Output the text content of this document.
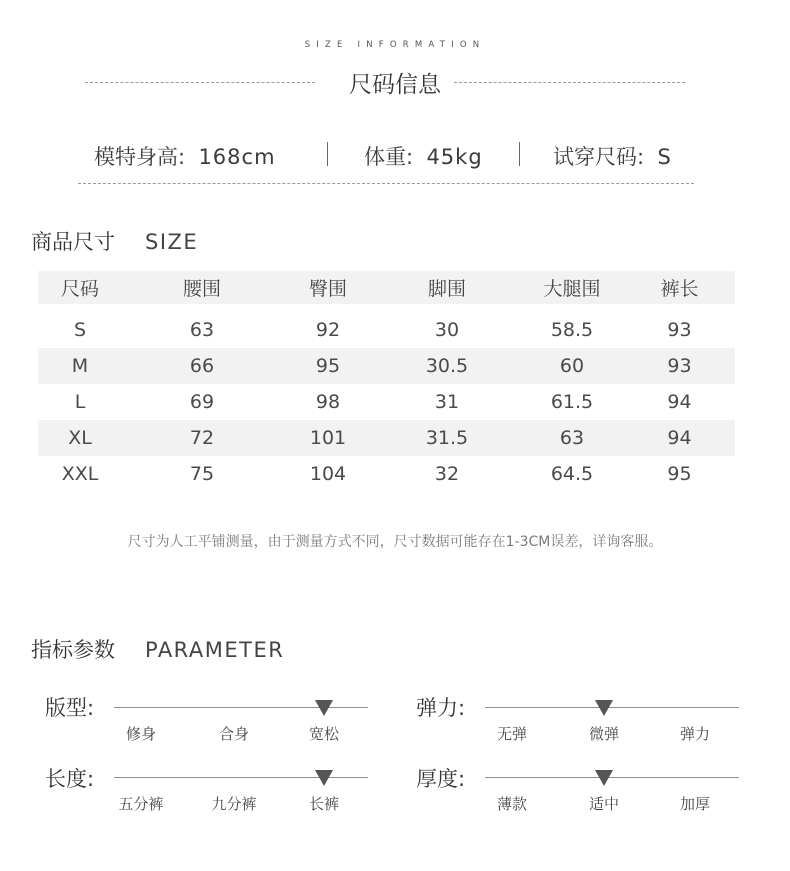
SIZE INFORMATION
尺码信息
模特身高:  168cm	体重:  45kg	试穿尺码:  S
商品尺寸 SIZE
尺码	腰围	臀围	脚围	大腿围	裤长
S	63	92	30	58.5	93
M	66	95	30.5	60	93
L	69	98	31	61.5	94
XL	72	101	31.5	63	94
XXL	75	104	32	64.5	95
尺寸为人工平铺测量，由于测量方式不同，尺寸数据可能存在1-3CM误差，详询客服。
指标参数 PARAMETER
版型:
修身	合身	宽松
弹力:
无弹	微弹	弹力
长度:
五分裤	九分裤	长裤
厚度:
薄款	适中	加厚
